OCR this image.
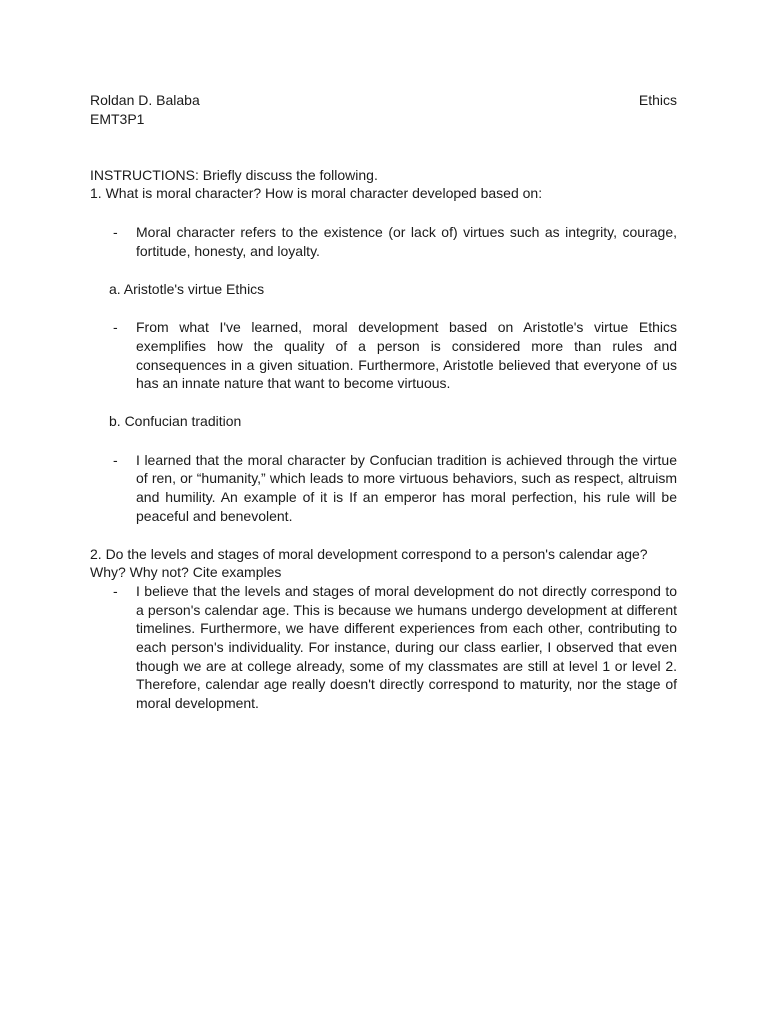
Roldan D. Balaba	Ethics
EMT3P1
INSTRUCTIONS: Briefly discuss the following.
1. What is moral character? How is moral character developed based on:
-	Moral character refers to the existence (or lack of) virtues such as integrity, courage, fortitude, honesty, and loyalty.
a. Aristotle's virtue Ethics
-	From what I've learned, moral development based on Aristotle's virtue Ethics exemplifies how the quality of a person is considered more than rules and consequences in a given situation. Furthermore, Aristotle believed that everyone of us has an innate nature that want to become virtuous.
b. Confucian tradition
-	I learned that the moral character by Confucian tradition is achieved through the virtue of ren, or “humanity,” which leads to more virtuous behaviors, such as respect, altruism and humility. An example of it is If an emperor has moral perfection, his rule will be peaceful and benevolent.
2. Do the levels and stages of moral development correspond to a person's calendar age?
Why? Why not? Cite examples
-	I believe that the levels and stages of moral development do not directly correspond to a person's calendar age. This is because we humans undergo development at different timelines. Furthermore, we have different experiences from each other, contributing to each person's individuality. For instance, during our class earlier, I observed that even though we are at college already, some of my classmates are still at level 1 or level 2. Therefore, calendar age really doesn't directly correspond to maturity, nor the stage of moral development.
